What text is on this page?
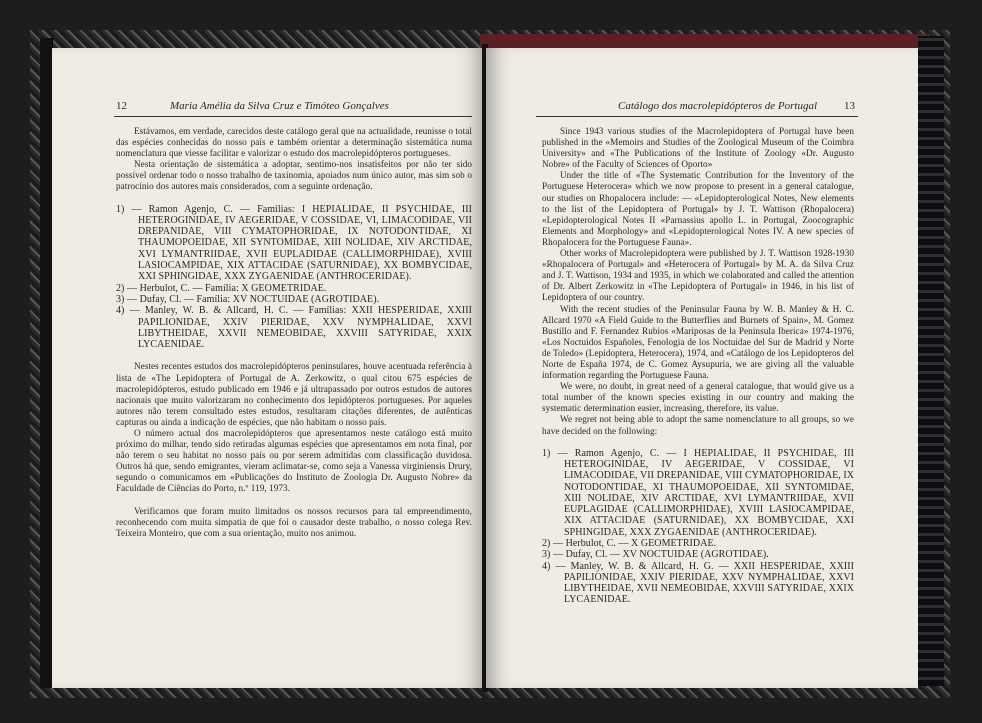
12	Maria Amélia da Silva Cruz e Timóteo Gonçalves

Estávamos, em verdade, carecidos deste catálogo geral que na actualidade, reunisse o total das espécies conhecidas do nosso país e também orientar a determinação sistemática numa nomenclatura que viesse facilitar e valorizar o estudo dos macrolepidópteros portugueses.

Nesta orientação de sistemática a adoptar, sentimo-nos insatisfeitos por não ter sido possível ordenar todo o nosso trabalho de taxinomia, apoiados num único autor, mas sim sob o patrocínio dos autores mais considerados, com a seguinte ordenação.

1) — Ramon Agenjo, C. — Famílias: I HEPIALIDAE, II PSYCHIDAE, III HETEROGINIDAE, IV AEGERIDAE, V COSSIDAE, VI, LIMACODIDAE, VII DREPANIDAE, VIII CYMATOPHORIDAE, IX NOTODONTIDAE, XI THAUMOPOEIDAE, XII SYNTOMIDAE, XIII NOLIDAE, XIV ARCTIDAE, XVI LYMANTRIIDAE, XVII EUPLADIDAE (CALLIMORPHIDAE), XVIII LASIOCAMPIDAE, XIX ATTACIDAE (SATURNIDAE), XX BOMBYCIDAE, XXI SPHINGIDAE, XXX ZYGAENIDAE (ANTHROCERIDAE).
2) — Herbulot, C. — Família: X GEOMETRIDAE.
3) — Dufay, Cl. — Família: XV NOCTUIDAE (AGROTIDAE).
4) — Manley, W. B. & Allcard, H. C. — Famílias: XXII HESPERIDAE, XXIII PAPILIONIDAE, XXIV PIERIDAE, XXV NYMPHALIDAE, XXVI LIBYTHEIDAE, XXVII NEMEOBIDAE, XXVIII SATYRIDAE, XXIX LYCAENIDAE.

Nestes recentes estudos dos macrolepidópteros peninsulares, houve acentuada referência à lista de «The Lepidoptera of Portugal de A. Zerkowitz, o qual citou 675 espécies de macrolepidópteros, estudo publicado em 1946 e já ultrapassado por outros estudos de autores nacionais que muito valorizaram no conhecimento dos lepidópteros portugueses. Por aqueles autores não terem consultado estes estudos, resultaram citações diferentes, de autênticas capturas ou ainda a indicação de espécies, que não habitam o nosso país.

O número actual dos macrolepidópteros que apresentamos neste catálogo está muito próximo do milhar, tendo sido retiradas algumas espécies que apresentamos em nota final, por não terem o seu habitat no nosso país ou por serem admitidas com classificação duvidosa. Outros há que, sendo emigrantes, vieram aclimatar-se, como seja a Vanessa virginiensis Drury, segundo o comunicamos em «Publicações do Instituto de Zoologia Dr. Augusto Nobre» da Faculdade de Ciências do Porto, n.º 119, 1973.

Verificamos que foram muito limitados os nossos recursos para tal empreendimento, reconhecendo com muita simpatia de que foi o causador deste trabalho, o nosso colega Rev. Teixeira Monteiro, que com a sua orientação, muito nos animou.

Catálogo dos macrolepidópteros de Portugal 13

Since 1943 various studies of the Macrolepidoptera of Portugal have been published in the «Memoirs and Studies of the Zoological Museum of the Coimbra University» and «The Publications of the Institute of Zoology «Dr. Augusto Nobre» of the Faculty of Sciences of Oporto»

Under the title of «The Systematic Contribution for the Inventory of the Portuguese Heterocera» which we now propose to present in a general catalogue, our studies on Rhopalocera include: — «Lepidopterological Notes, New elements to the list of the Lepidoptera of Portugal» by J. T. Wattison (Rhopalocera) «Lepidopterological Notes II «Parnassius apollo L. in Portugal, Zoocographic Elements and Morphology» and «Lepidopterological Notes IV. A new species of Rhopalocera for the Portuguese Fauna».

Other works of Macrolepidoptera were published by J. T. Wattison 1928-1930 «Rhopalocera of Portugal» and «Heterocera of Portugal» by M. A. da Silva Cruz and J. T. Wattison, 1934 and 1935, in which we colaborated and called the attention of Dr. Albert Zerkowitz in «The Lepidoptera of Portugal» in 1946, in his list of Lepidoptera of our country.

With the recent studies of the Peninsular Fauna by W. B. Manley & H. C. Allcard 1970 «A Field Guide to the Butterflies and Burnets of Spain», M. Gomez Bustillo and F. Fernandez Rubios «Mariposas de la Peninsula Iberica» 1974-1976, «Los Noctuidos Españoles, Fenologia de los Noctuidae del Sur de Madrid y Norte de Toledo» (Lepidoptera, Heterocera), 1974, and «Catálogo de los Lepidopteros del Norte de España 1974, de C. Gomez Aysupuria, we are giving all the valuable information regarding the Portuguese Fauna.

We were, no doubt, in great need of a general catalogue, that would give us a total number of the known species existing in our country and making the systematic determination easier, increasing, therefore, its value.

We regret not being able to adopt the same nomenclature to all groups, so we have decided on the following:

1) — Ramon Agenjo, C. — I HEPIALIDAE, II PSYCHIDAE, III HETEROGINIDAE, IV AEGERIDAE, V COSSIDAE, VI LIMACODIDAE, VII DREPANIDAE, VIII CYMATOPHORIDAE, IX NOTODONTIDAE, XI THAUMOPOEIDAE, XII SYNTOMIDAE, XIII NOLIDAE, XIV ARCTIDAE, XVI LYMANTRIIDAE, XVII EUPLAGIDAE (CALLIMORPHIDAE), XVIII LASIOCAMPIDAE, XIX ATTACIDAE (SATURNIDAE), XX BOMBYCIDAE, XXI SPHINGIDAE, XXX ZYGAENIDAE (ANTHROCERIDAE).
2) — Herbulot, C. — X GEOMETRIDAE.
3) — Dufay, Cl. — XV NOCTUIDAE (AGROTIDAE).
4) — Manley, W. B. & Allcard, H. G. — XXII HESPERIDAE, XXIII PAPILIONIDAE, XXIV PIERIDAE, XXV NYMPHALIDAE, XXVI LIBYTHEIDAE, XVII NEMEOBIDAE, XXVIII SATYRIDAE, XXIX LYCAENIDAE.
